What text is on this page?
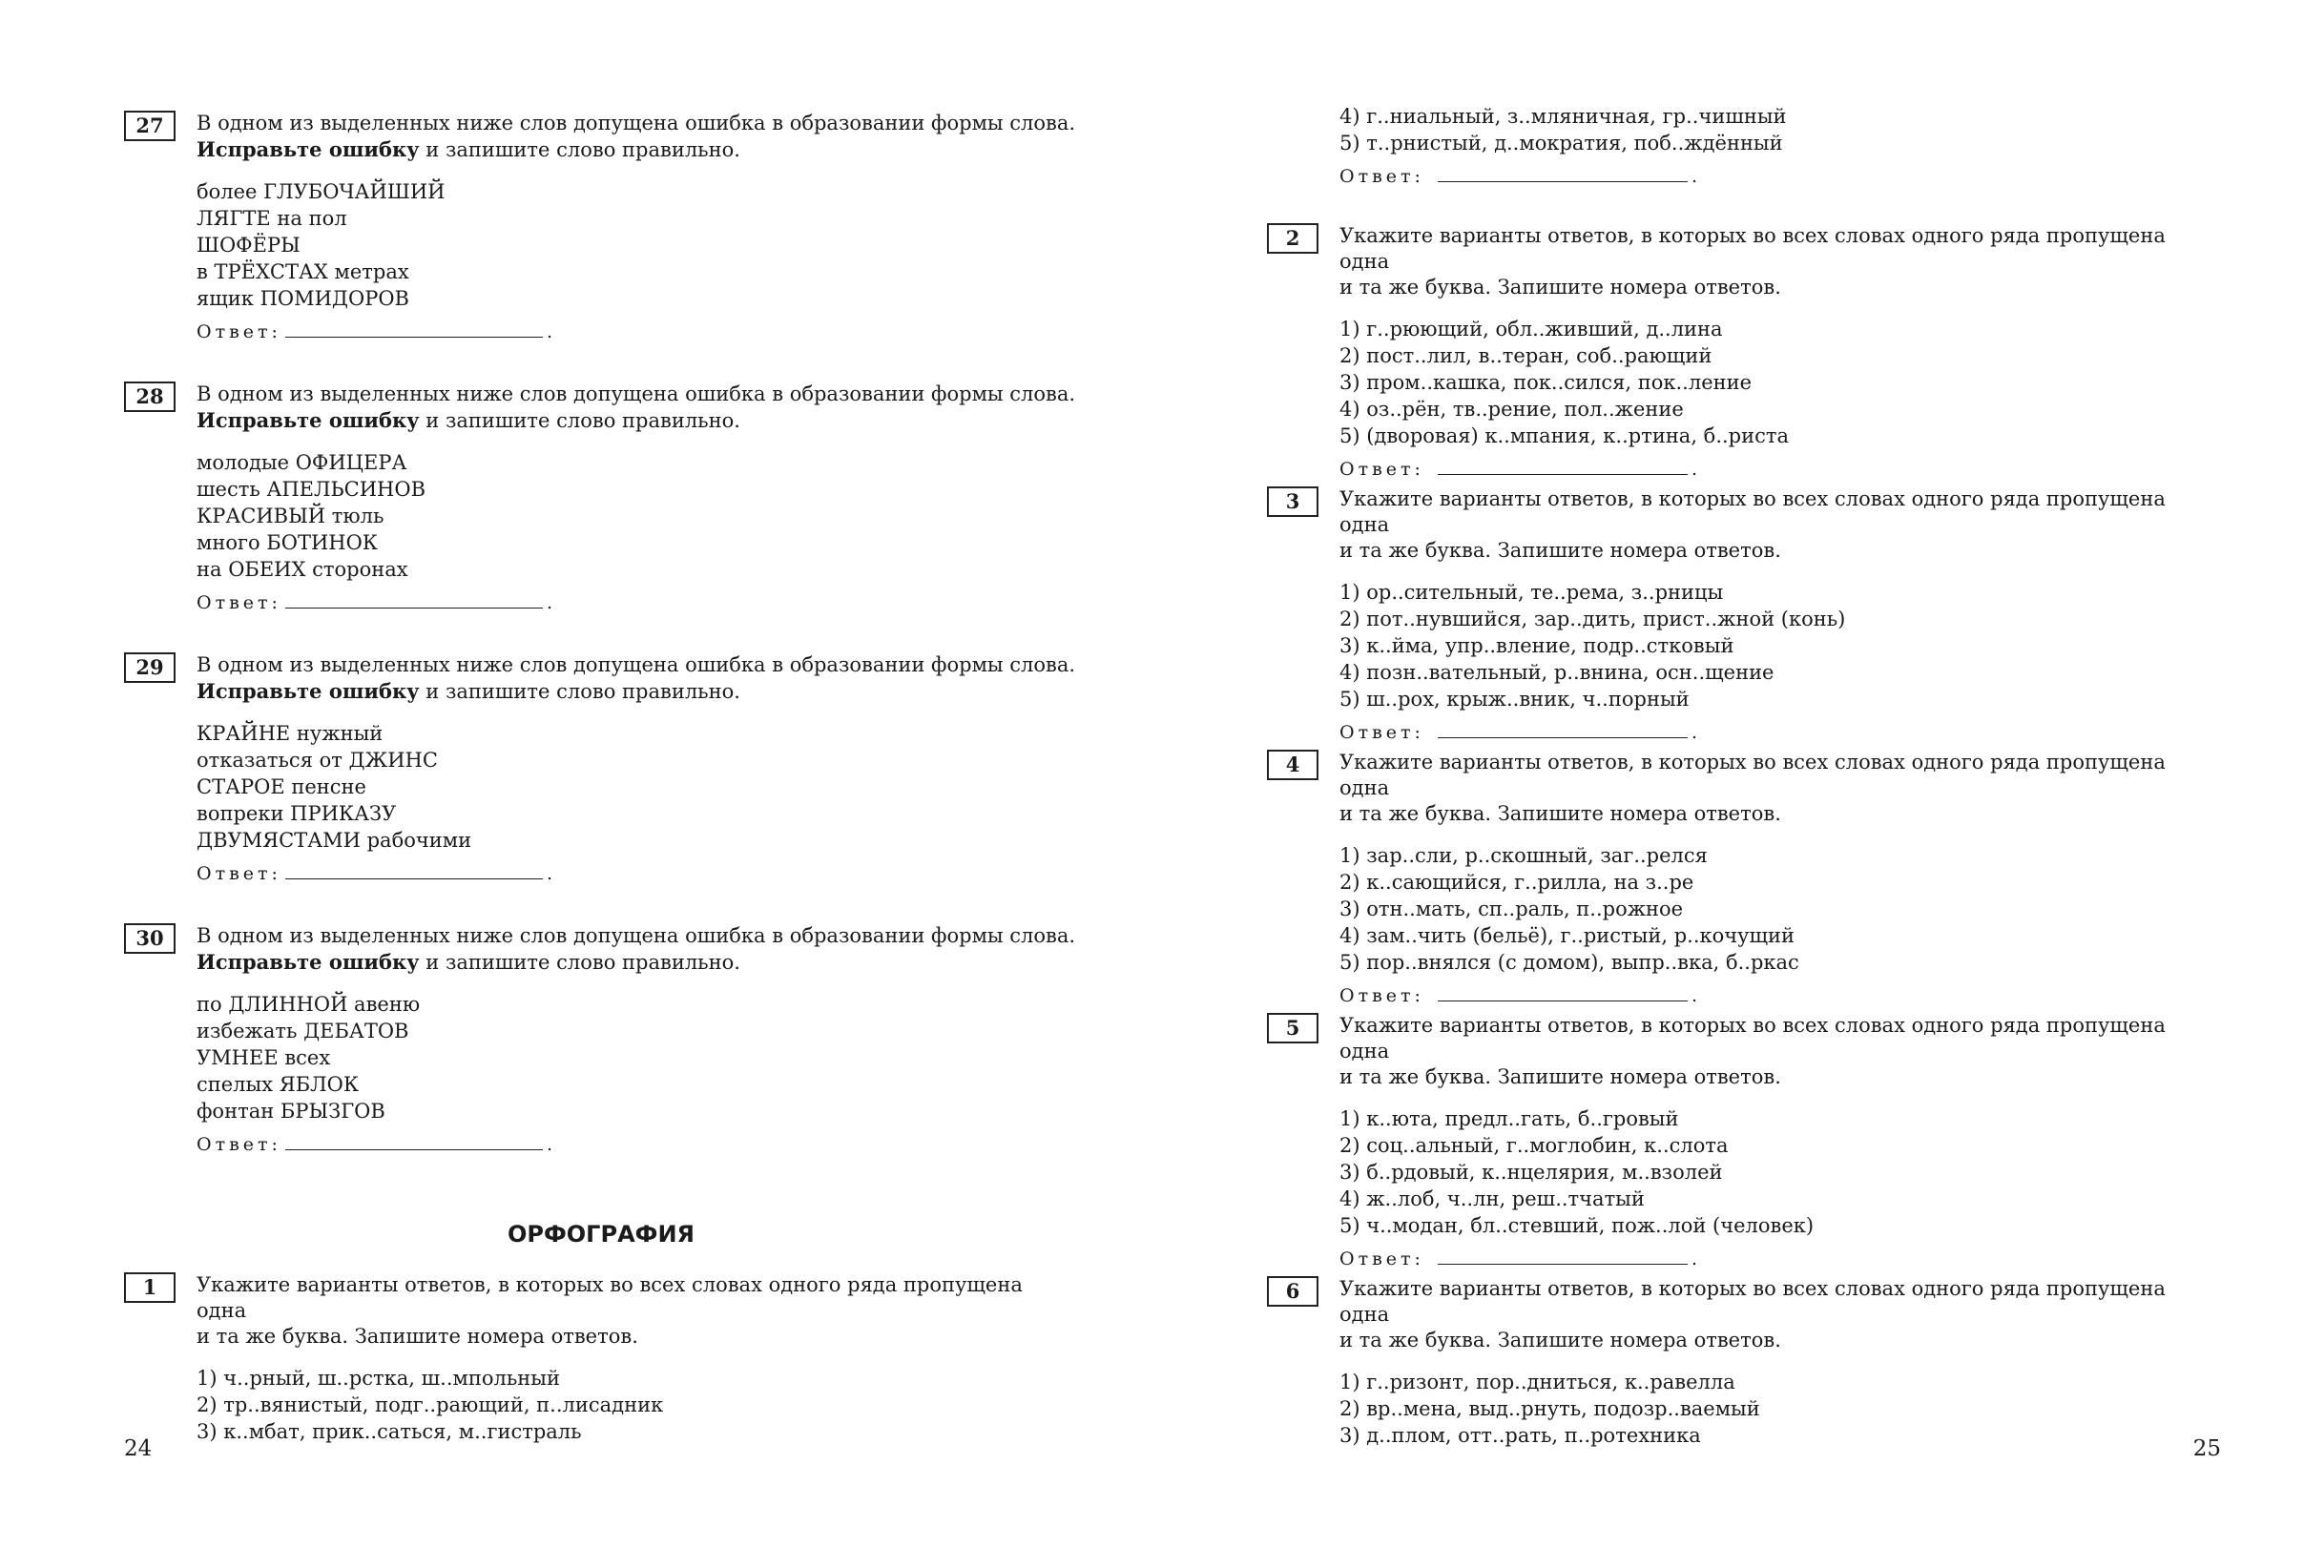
27	В одном из выделенных ниже слов допущена ошибка в образовании формы слова.
Исправьте ошибку и запишите слово правильно.
более ГЛУБОЧАЙШИЙ
ЛЯГТЕ на пол
ШОФЁРЫ
в ТРЁХСТАХ метрах
ящик ПОМИДОРОВ
Ответ:	.
28	В одном из выделенных ниже слов допущена ошибка в образовании формы слова.
Исправьте ошибку и запишите слово правильно.
молодые ОФИЦЕРА
шесть АПЕЛЬСИНОВ
КРАСИВЫЙ тюль
много БОТИНОК
на ОБЕИХ сторонах
Ответ:	.
29	В одном из выделенных ниже слов допущена ошибка в образовании формы слова.
Исправьте ошибку и запишите слово правильно.
КРАЙНЕ нужный
отказаться от ДЖИНС
СТАРОЕ пенсне
вопреки ПРИКАЗУ
ДВУМЯСТАМИ рабочими
Ответ:	.
30	В одном из выделенных ниже слов допущена ошибка в образовании формы слова.
Исправьте ошибку и запишите слово правильно.
по ДЛИННОЙ авеню
избежать ДЕБАТОВ
УМНЕЕ всех
спелых ЯБЛОК
фонтан БРЫЗГОВ
Ответ:	.
ОРФОГРАФИЯ
1	Укажите варианты ответов, в которых во всех словах одного ряда пропущена одна
и та же буква. Запишите номера ответов.
1) ч..рный, ш..рстка, ш..мпольный
2) тр..вянистый, подг..рающий, п..лисадник
3) к..мбат, прик..саться, м..гистраль
24
4) г..ниальный, з..мляничная, гр..чишный
5) т..рнистый, д..мократия, поб..ждённый
Ответ:	.
2	Укажите варианты ответов, в которых во всех словах одного ряда пропущена одна
и та же буква. Запишите номера ответов.
1) г..рюющий, обл..живший, д..лина
2) пост..лил, в..теран, соб..рающий
3) пром..кашка, пок..сился, пок..ление
4) оз..рён, тв..рение, пол..жение
5) (дворовая) к..мпания, к..ртина, б..риста
Ответ:	.
3	Укажите варианты ответов, в которых во всех словах одного ряда пропущена одна
и та же буква. Запишите номера ответов.
1) ор..сительный, те..рема, з..рницы
2) пот..нувшийся, зар..дить, прист..жной (конь)
3) к..йма, упр..вление, подр..стковый
4) позн..вательный, р..внина, осн..щение
5) ш..рох, крыж..вник, ч..порный
Ответ:	.
4	Укажите варианты ответов, в которых во всех словах одного ряда пропущена одна
и та же буква. Запишите номера ответов.
1) зар..сли, р..скошный, заг..релся
2) к..сающийся, г..рилла, на з..ре
3) отн..мать, сп..раль, п..рожное
4) зам..чить (бельё), г..ристый, р..кочущий
5) пор..внялся (с домом), выпр..вка, б..ркас
Ответ:	.
5	Укажите варианты ответов, в которых во всех словах одного ряда пропущена одна
и та же буква. Запишите номера ответов.
1) к..юта, предл..гать, б..гровый
2) соц..альный, г..моглобин, к..слота
3) б..рдовый, к..нцелярия, м..взолей
4) ж..лоб, ч..лн, реш..тчатый
5) ч..модан, бл..стевший, пож..лой (человек)
Ответ:	.
6	Укажите варианты ответов, в которых во всех словах одного ряда пропущена одна
и та же буква. Запишите номера ответов.
1) г..ризонт, пор..дниться, к..равелла
2) вр..мена, выд..рнуть, подозр..ваемый
3) д..плом, отт..рать, п..ротехника
25
